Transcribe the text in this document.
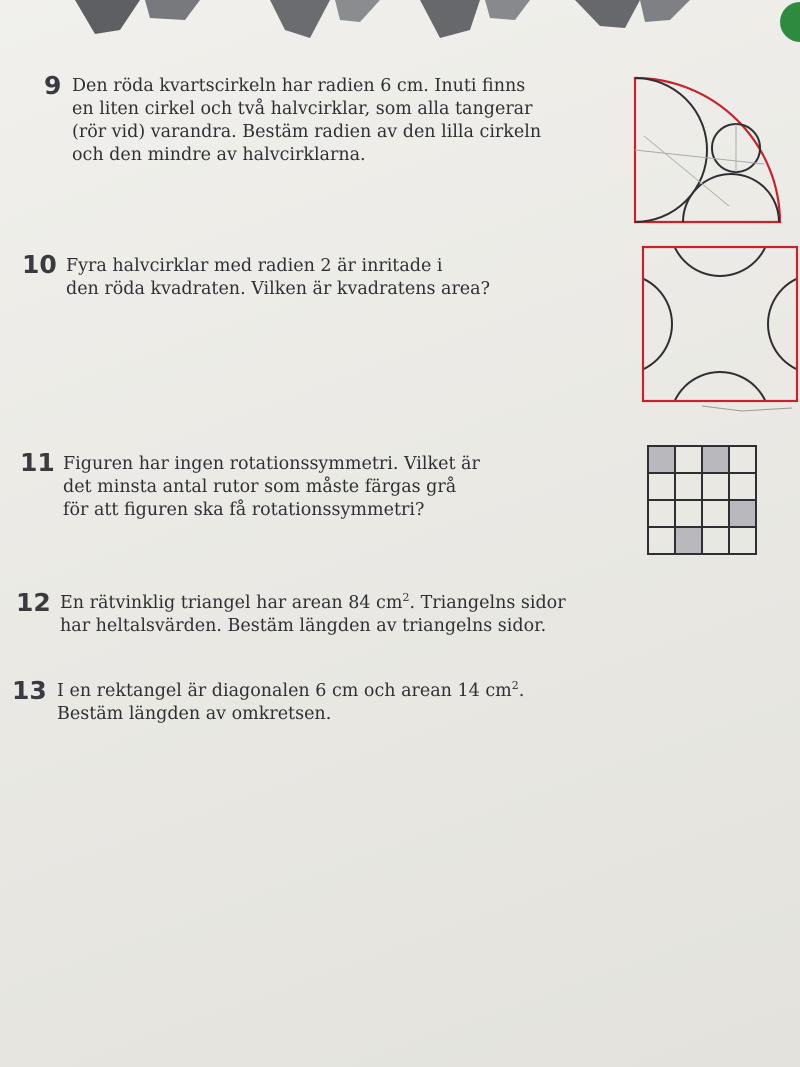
9 Den röda kvartscirkeln har radien 6 cm. Inuti finns
en liten cirkel och två halvcirklar, som alla tangerar
(rör vid) varandra. Bestäm radien av den lilla cirkeln
och den mindre av halvcirklarna.
10 Fyra halvcirklar med radien 2 är inritade i
den röda kvadraten. Vilken är kvadratens area?
11 Figuren har ingen rotationssymmetri. Vilket är
det minsta antal rutor som måste färgas grå
för att figuren ska få rotationssymmetri?
12 En rätvinklig triangel har arean 84 $cm^2$. Triangelns sidor
har heltalsvärden. Bestäm längden av triangelns sidor.
13 I en rektangel är diagonalen 6 cm och arean 14 $cm^2$.
Bestäm längden av omkretsen.
